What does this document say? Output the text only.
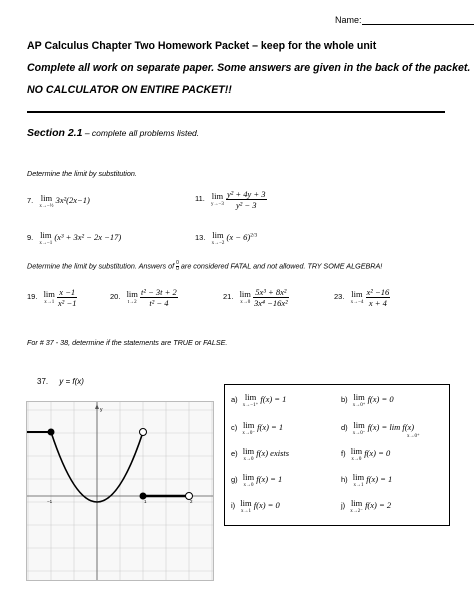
Name:
AP Calculus Chapter Two Homework Packet – keep for the whole unit
Complete all work on separate paper. Some answers are given in the back of the packet.
NO CALCULATOR ON ENTIRE PACKET!!
Section 2.1 – complete all problems listed.
Determine the limit by substitution.
7. lim
x→−½
3x²(2x−1)	11. lim
y→−3
$\frac{\text{y² + 4y + 3}}{\text{y² − 3}}$
9. lim
x→−1
(x³ + 3x² − 2x −17)	13. lim
x→−2
$(x - 6)^{2/3}$
Determine the limit by substitution. Answers of $\frac{0}{0}$ are considered FATAL and not allowed. TRY SOME ALGEBRA!
19. lim
x→1
$\frac{x -1}{\text{x² −1}}$	20. lim
t→2
$\frac{\text{t² − 3t + 2}}{\text{t² − 4}}$	21. lim
x→0
$\frac{\text{5x³ + 8x²}}{\text{3x⁴ −16x²}}$	23. lim
x→−4
$\frac{\text{x² −16}}{x + 4}$
For # 37 - 38, determine if the statements are TRUE or FALSE.
37. y = f(x)
y
−1	1	2
a) lim
x→−1⁺
f(x) = 1	b) lim
x→0⁺
f(x) = 0
c) lim
x→0⁻
f(x) = 1	d) lim
x→0⁻
f(x) = lim f(x)
x→0⁺
e) lim
x→0
f(x) exists	f) lim
x→0
f(x) = 0
g) lim
x→0
f(x) = 1	h) lim
x→1
f(x) = 1
i) lim
x→1
f(x) = 0	j) lim
x→2⁻
f(x) = 2
